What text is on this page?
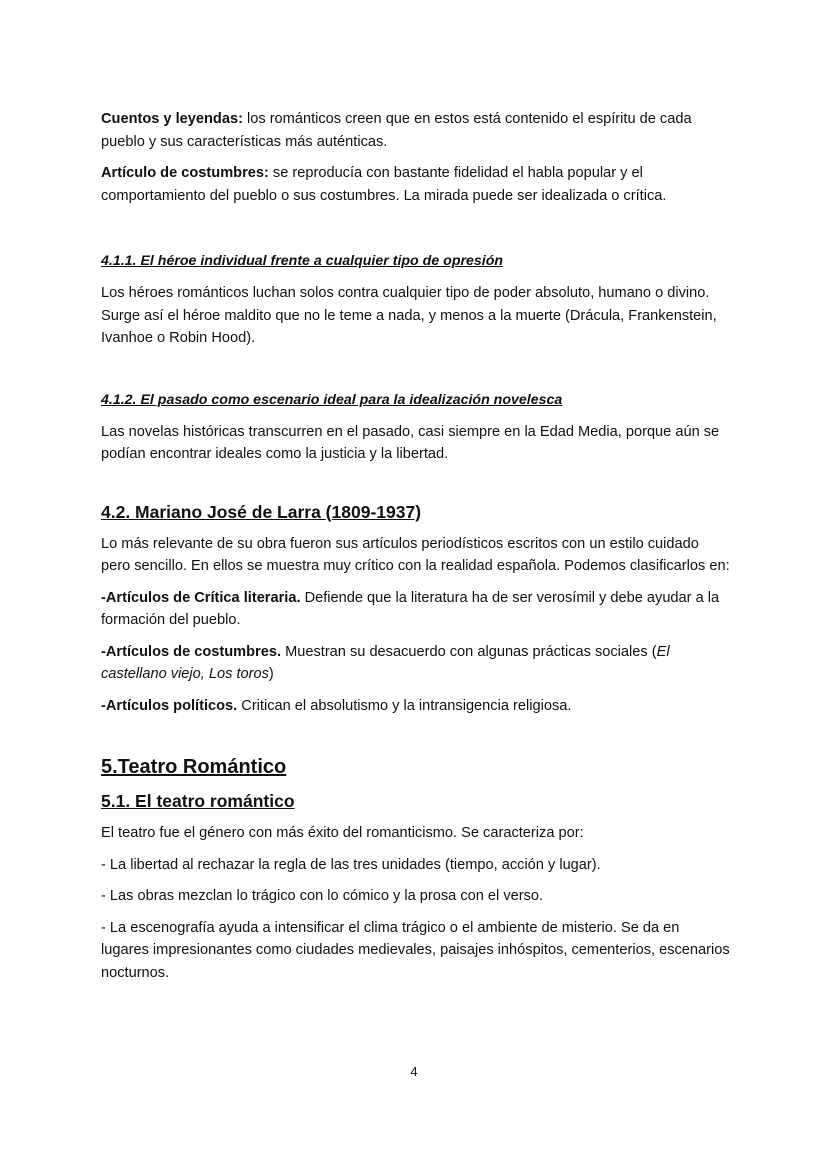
Cuentos y leyendas: los románticos creen que en estos está contenido el espíritu de cada pueblo y sus características más auténticas.

Artículo de costumbres: se reproducía con bastante fidelidad el habla popular y el comportamiento del pueblo o sus costumbres. La mirada puede ser idealizada o crítica.

4.1.1. El héroe individual frente a cualquier tipo de opresión

Los héroes románticos luchan solos contra cualquier tipo de poder absoluto, humano o divino. Surge así el héroe maldito que no le teme a nada, y menos a la muerte (Drácula, Frankenstein, Ivanhoe o Robin Hood).

4.1.2. El pasado como escenario ideal para la idealización novelesca

Las novelas históricas transcurren en el pasado, casi siempre en la Edad Media, porque aún se podían encontrar ideales como la justicia y la libertad.

4.2. Mariano José de Larra (1809-1937)

Lo más relevante de su obra fueron sus artículos periodísticos escritos con un estilo cuidado pero sencillo. En ellos se muestra muy crítico con la realidad española. Podemos clasificarlos en:

-Artículos de Crítica literaria. Defiende que la literatura ha de ser verosímil y debe ayudar a la formación del pueblo.

-Artículos de costumbres. Muestran su desacuerdo con algunas prácticas sociales (El castellano viejo, Los toros)

-Artículos políticos. Critican el absolutismo y la intransigencia religiosa.

5.Teatro Romántico
5.1. El teatro romántico

El teatro fue el género con más éxito del romanticismo. Se caracteriza por:

- La libertad al rechazar la regla de las tres unidades (tiempo, acción y lugar).

- Las obras mezclan lo trágico con lo cómico y la prosa con el verso.

- La escenografía ayuda a intensificar el clima trágico o el ambiente de misterio. Se da en lugares impresionantes como ciudades medievales, paisajes inhóspitos, cementerios, escenarios nocturnos.

4
